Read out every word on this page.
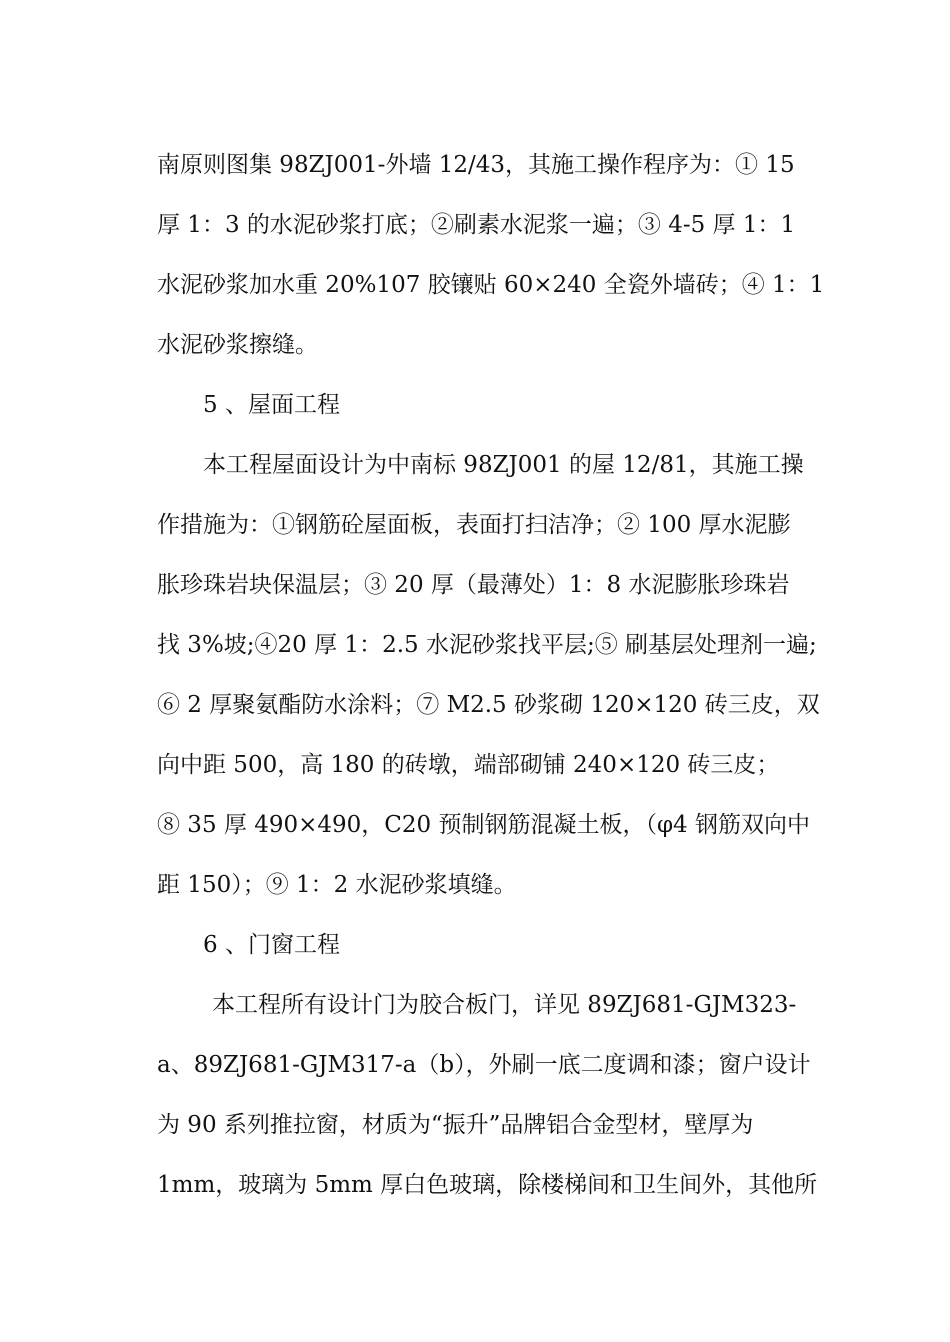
南原则图集 98ZJ001-外墙 12/43，其施工操作程序为：① 15
厚 1：3 的水泥砂浆打底；②刷素水泥浆一遍；③ 4-5 厚 1：1
水泥砂浆加水重 20%107 胶镶贴 60×240 全瓷外墙砖；④ 1：1
水泥砂浆擦缝。
5 、屋面工程
本工程屋面设计为中南标 98ZJ001 的屋 12/81，其施工操
作措施为：①钢筋砼屋面板，表面打扫洁净；② 100 厚水泥膨
胀珍珠岩块保温层；③ 20 厚（最薄处）1：8 水泥膨胀珍珠岩
找 3%坡;④20 厚 1：2.5 水泥砂浆找平层;⑤ 刷基层处理剂一遍;
⑥ 2 厚聚氨酯防水涂料；⑦ M2.5 砂浆砌 120×120 砖三皮，双
向中距 500，高 180 的砖墩，端部砌铺 240×120 砖三皮；
⑧ 35 厚 490×490，C20 预制钢筋混凝土板，（φ4 钢筋双向中
距 150）；⑨ 1：2 水泥砂浆填缝。
6 、门窗工程
本工程所有设计门为胶合板门，详见 89ZJ681-GJM323-
a、89ZJ681-GJM317-a（b），外刷一底二度调和漆；窗户设计
为 90 系列推拉窗，材质为“振升”品牌铝合金型材，壁厚为
1mm，玻璃为 5mm 厚白色玻璃，除楼梯间和卫生间外，其他所
